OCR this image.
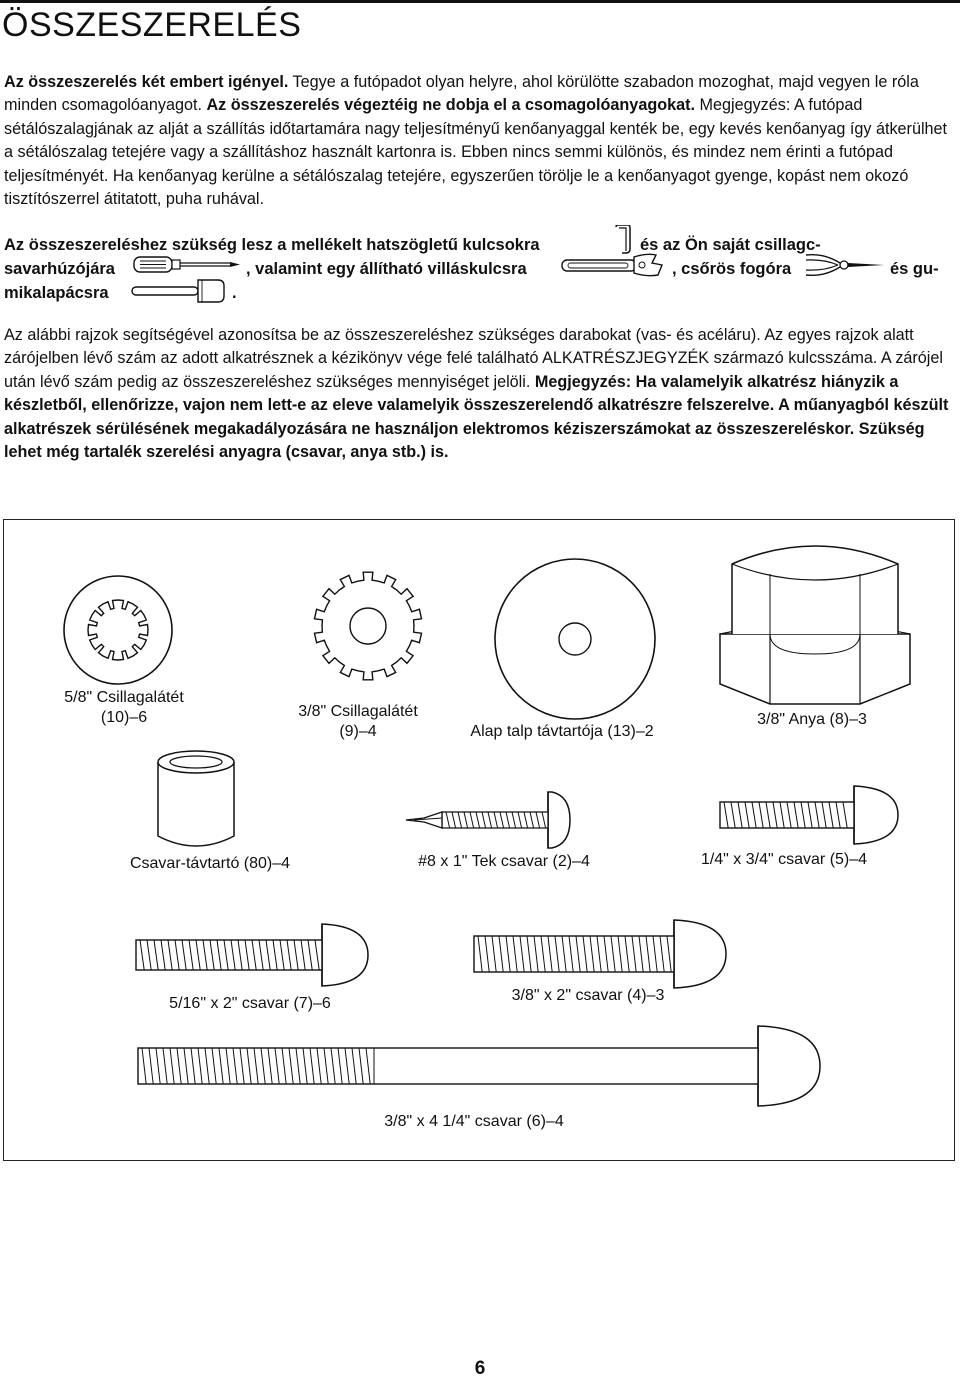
ÖSSZESZERELÉS
Az összeszerelés két embert igényel. Tegye a futópadot olyan helyre, ahol körülötte szabadon mozoghat, majd vegyen le róla minden csomagolóanyagot. Az összeszerelés végeztéig ne dobja el a csomagolóanyagokat. Megjegyzés: A futópad sétálószalagjának az alját a szállítás időtartamára nagy teljesítményű kenőanyaggal kenték be, egy kevés kenőanyag így átkerülhet a sétálószalag tetejére vagy a szállításhoz használt kartonra is. Ebben nincs semmi különös, és mindez nem érinti a futópad teljesítményét. Ha kenőanyag kerülne a sétálószalag tetejére, egyszerűen törölje le a kenőanyagot gyenge, kopást nem okozó tisztítószerrel átitatott, puha ruhával.
Az összeszereléshez szükség lesz a mellékelt hatszögletű kulcsokra	és az Ön saját csillagc-
savarhúzójára	, valamint egy állítható villáskulcsra	, csőrös fogóra	és gu-
mikalapácsra	.
Az alábbi rajzok segítségével azonosítsa be az összeszereléshez szükséges darabokat (vas- és acéláru). Az egyes rajzok alatt zárójelben lévő szám az adott alkatrésznek a kézikönyv vége felé található ALKATRÉSZJEGYZÉK származó kulcsszáma. A zárójel után lévő szám pedig az összeszereléshez szükséges mennyiséget jelöli. Megjegyzés: Ha valamelyik alkatrész hiányzik a készletből, ellenőrizze, vajon nem lett-e az eleve valamelyik összeszerelendő alkatrészre felszerelve. A műanyagból készült alkatrészek sérülésének megakadályozására ne használjon elektromos kéziszerszámokat az összeszereléskor. Szükség lehet még tartalék szerelési anyagra (csavar, anya stb.) is.
5/8" Csillagalátét
(10)–6	3/8" Csillagalátét
(9)–4	Alap talp távtartója (13)–2
3/8" Anya (8)–3
Csavar-távtartó (80)–4	#8 x 1" Tek csavar (2)–4	1/4" x 3/4" csavar (5)–4
5/16" x 2" csavar (7)–6	3/8" x 2" csavar (4)–3
3/8" x 4 1/4" csavar (6)–4
6
